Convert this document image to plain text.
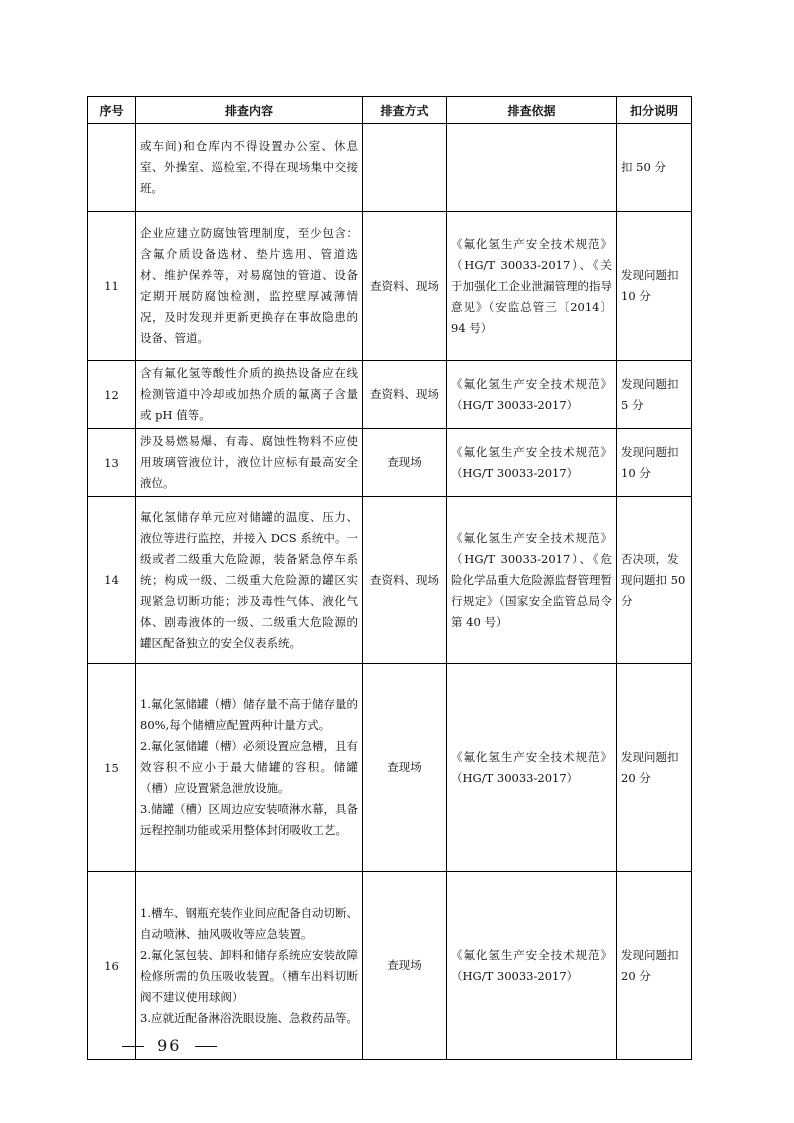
序号	排查内容	排查方式	排查依据	扣分说明
	或车间)和仓库内不得设置办公室、休息室、外操室、巡检室,不得在现场集中交接班。			扣 50 分
11	企业应建立防腐蚀管理制度，至少包含：含氟介质设备选材、垫片选用、管道选材、维护保养等，对易腐蚀的管道、设备定期开展防腐蚀检测，监控壁厚减薄情况，及时发现并更新更换存在事故隐患的设备、管道。	查资料、现场	《氟化氢生产安全技术规范》（HG/T 30033-2017）、《关于加强化工企业泄漏管理的指导意见》（安监总管三〔2014〕94 号）	发现问题扣 10 分
12	含有氟化氢等酸性介质的换热设备应在线检测管道中冷却或加热介质的氟离子含量或 pH 值等。	查资料、现场	《氟化氢生产安全技术规范》（HG/T 30033-2017）	发现问题扣 5 分
13	涉及易燃易爆、有毒、腐蚀性物料不应使用玻璃管液位计，液位计应标有最高安全液位。	查现场	《氟化氢生产安全技术规范》（HG/T 30033-2017）	发现问题扣 10 分
14	氟化氢储存单元应对储罐的温度、压力、液位等进行监控，并接入 DCS 系统中。一级或者二级重大危险源，装备紧急停车系统；构成一级、二级重大危险源的罐区实现紧急切断功能；涉及毒性气体、液化气体、剧毒液体的一级、二级重大危险源的罐区配备独立的安全仪表系统。	查资料、现场	《氟化氢生产安全技术规范》（HG/T 30033-2017）、《危险化学品重大危险源监督管理暂行规定》（国家安全监管总局令第 40 号）	否决项，发现问题扣 50 分
15	1.氟化氢储罐（槽）储存量不高于储存量的 80%,每个储槽应配置两种计量方式。
2.氟化氢储罐（槽）必须设置应急槽，且有效容积不应小于最大储罐的容积。储罐（槽）应设置紧急泄放设施。
3.储罐（槽）区周边应安装喷淋水幕，具备远程控制功能或采用整体封闭吸收工艺。	查现场	《氟化氢生产安全技术规范》（HG/T 30033-2017）	发现问题扣 20 分
16	1.槽车、钢瓶充装作业间应配备自动切断、自动喷淋、抽风吸收等应急装置。
2.氟化氢包装、卸料和储存系统应安装故障检修所需的负压吸收装置。（槽车出料切断阀不建议使用球阀）
3.应就近配备淋浴洗眼设施、急救药品等。	查现场	《氟化氢生产安全技术规范》（HG/T 30033-2017）	发现问题扣 20 分
96
